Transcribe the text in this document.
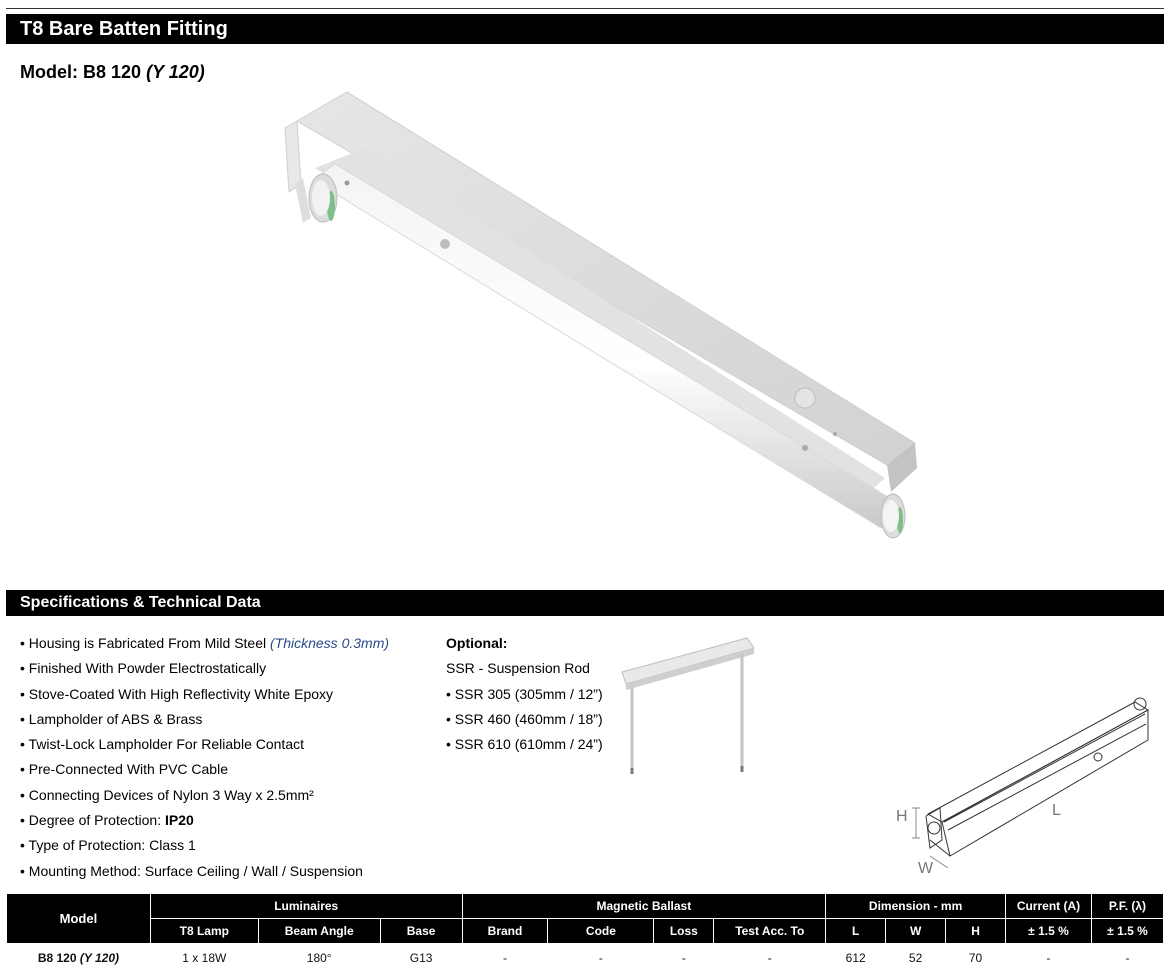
T8 Bare Batten Fitting
Model: B8 120 (Y 120)
Specifications & Technical Data
• Housing is Fabricated From Mild Steel (Thickness 0.3mm)
• Finished With Powder Electrostatically
• Stove-Coated With High Reflectivity White Epoxy
• Lampholder of ABS & Brass
• Twist-Lock Lampholder For Reliable Contact
• Pre-Connected With PVC Cable
• Connecting Devices of Nylon 3 Way x 2.5mm²
• Degree of Protection: IP20
• Type of Protection: Class 1
• Mounting Method: Surface Ceiling / Wall / Suspension
Optional:
SSR - Suspension Rod
• SSR 305 (305mm / 12”)
• SSR 460 (460mm / 18”)
• SSR 610 (610mm / 24”)
H	L
W
Model	Luminaires			Magnetic Ballast				Dimension - mm			Current (A)	P.F. (λ)
	T8 Lamp	Beam Angle	Base	Brand	Code	Loss	Test Acc. To	L	W	H	± 1.5 %	± 1.5 %
B8 120 (Y 120)	1 x 18W	180°	G13	-	-	-	-	612	52	70	-	-
